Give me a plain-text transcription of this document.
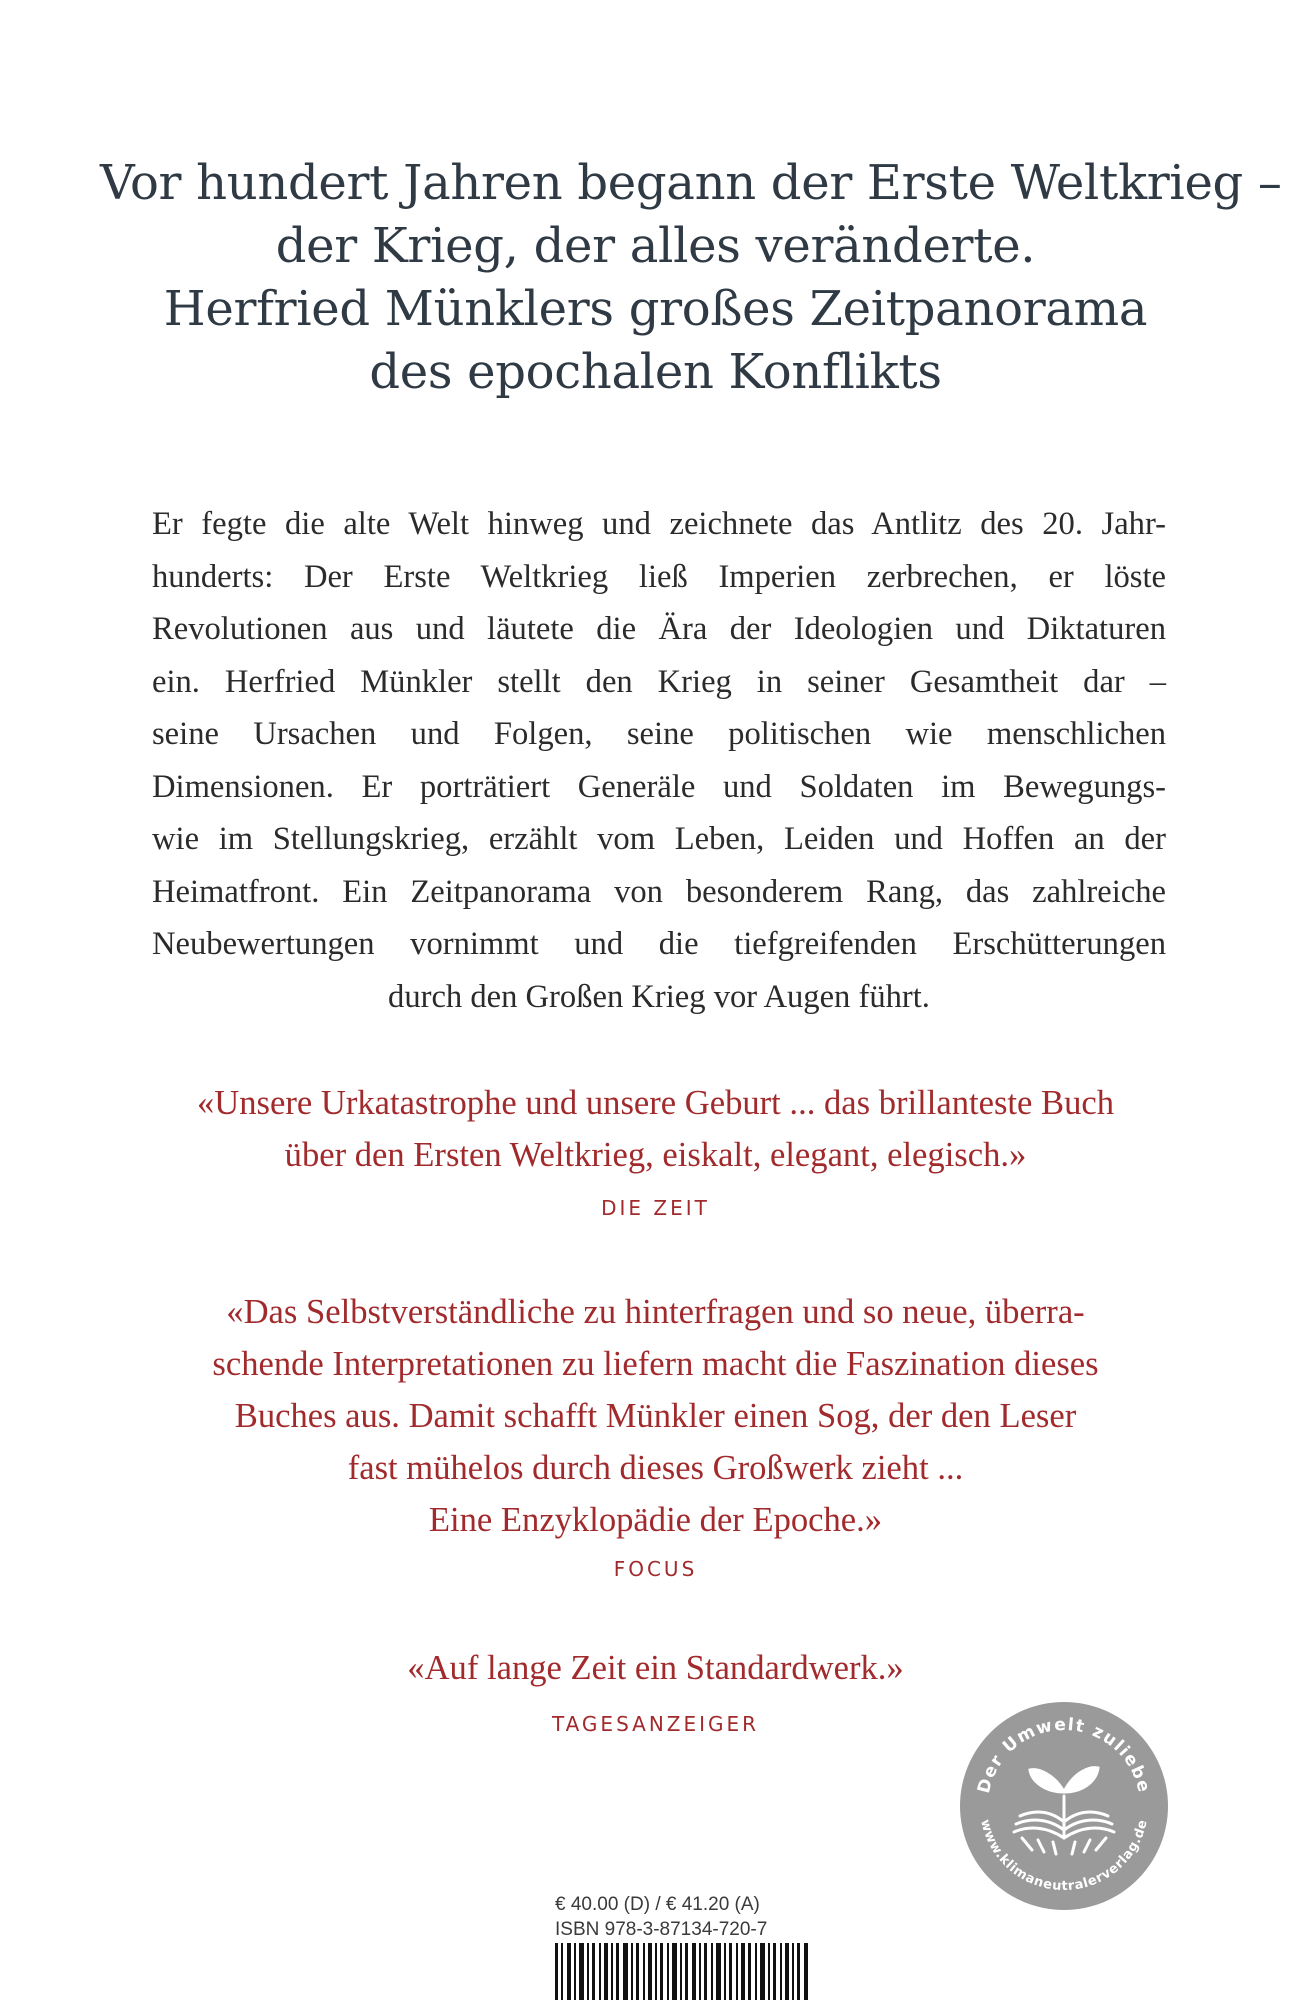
Vor hundert Jahren begann der Erste Weltkrieg –
der Krieg, der alles veränderte.
Herfried Münklers großes Zeitpanorama
des epochalen Konflikts
Er fegte die alte Welt hinweg und zeichnete das Antlitz des 20. Jahr-
hunderts: Der Erste Weltkrieg ließ Imperien zerbrechen, er löste
Revolutionen aus und läutete die Ära der Ideologien und Diktaturen
ein. Herfried Münkler stellt den Krieg in seiner Gesamtheit dar –
seine Ursachen und Folgen, seine politischen wie menschlichen
Dimensionen. Er porträtiert Generäle und Soldaten im Bewegungs-
wie im Stellungskrieg, erzählt vom Leben, Leiden und Hoffen an der
Heimatfront. Ein Zeitpanorama von besonderem Rang, das zahlreiche
Neubewertungen vornimmt und die tiefgreifenden Erschütterungen
durch den Großen Krieg vor Augen führt.
«Unsere Urkatastrophe und unsere Geburt ... das brillanteste Buch
über den Ersten Weltkrieg, eiskalt, elegant, elegisch.»
DIE ZEIT
«Das Selbstverständliche zu hinterfragen und so neue, überra-
schende Interpretationen zu liefern macht die Faszination dieses
Buches aus. Damit schafft Münkler einen Sog, der den Leser
fast mühelos durch dieses Großwerk zieht ...
Eine Enzyklopädie der Epoche.»
FOCUS
«Auf lange Zeit ein Standardwerk.»
TAGESANZEIGER
Der Umwelt zuliebe
www.klimaneutralerverlag.de
€ 40.00 (D) / € 41.20 (A)
ISBN 978-3-87134-720-7
